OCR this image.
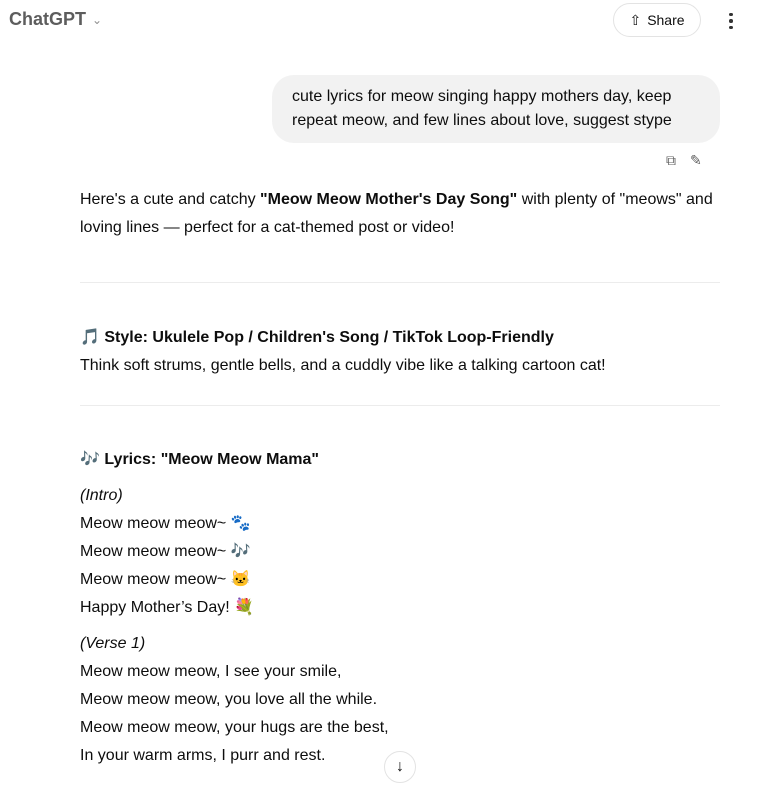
ChatGPT ⌄	⇧ Share
cute lyrics for meow singing happy mothers day, keep repeat meow, and few lines about love, suggest stype
⧉ ✎

Here's a cute and catchy "Meow Meow Mother's Day Song" with plenty of "meows" and loving lines — perfect for a cat-themed post or video!

🎵 Style: Ukulele Pop / Children's Song / TikTok Loop-Friendly

Think soft strums, gentle bells, and a cuddly vibe like a talking cartoon cat!

🎶 Lyrics: "Meow Meow Mama"

(Intro)

Meow meow meow~ 🐾

Meow meow meow~ 🎶

Meow meow meow~ 🐱

Happy Mother’s Day! 💐

(Verse 1)

Meow meow meow, I see your smile,

Meow meow meow, you love all the while.

Meow meow meow, your hugs are the best,

In your warm arms, I purr and rest.

↓
